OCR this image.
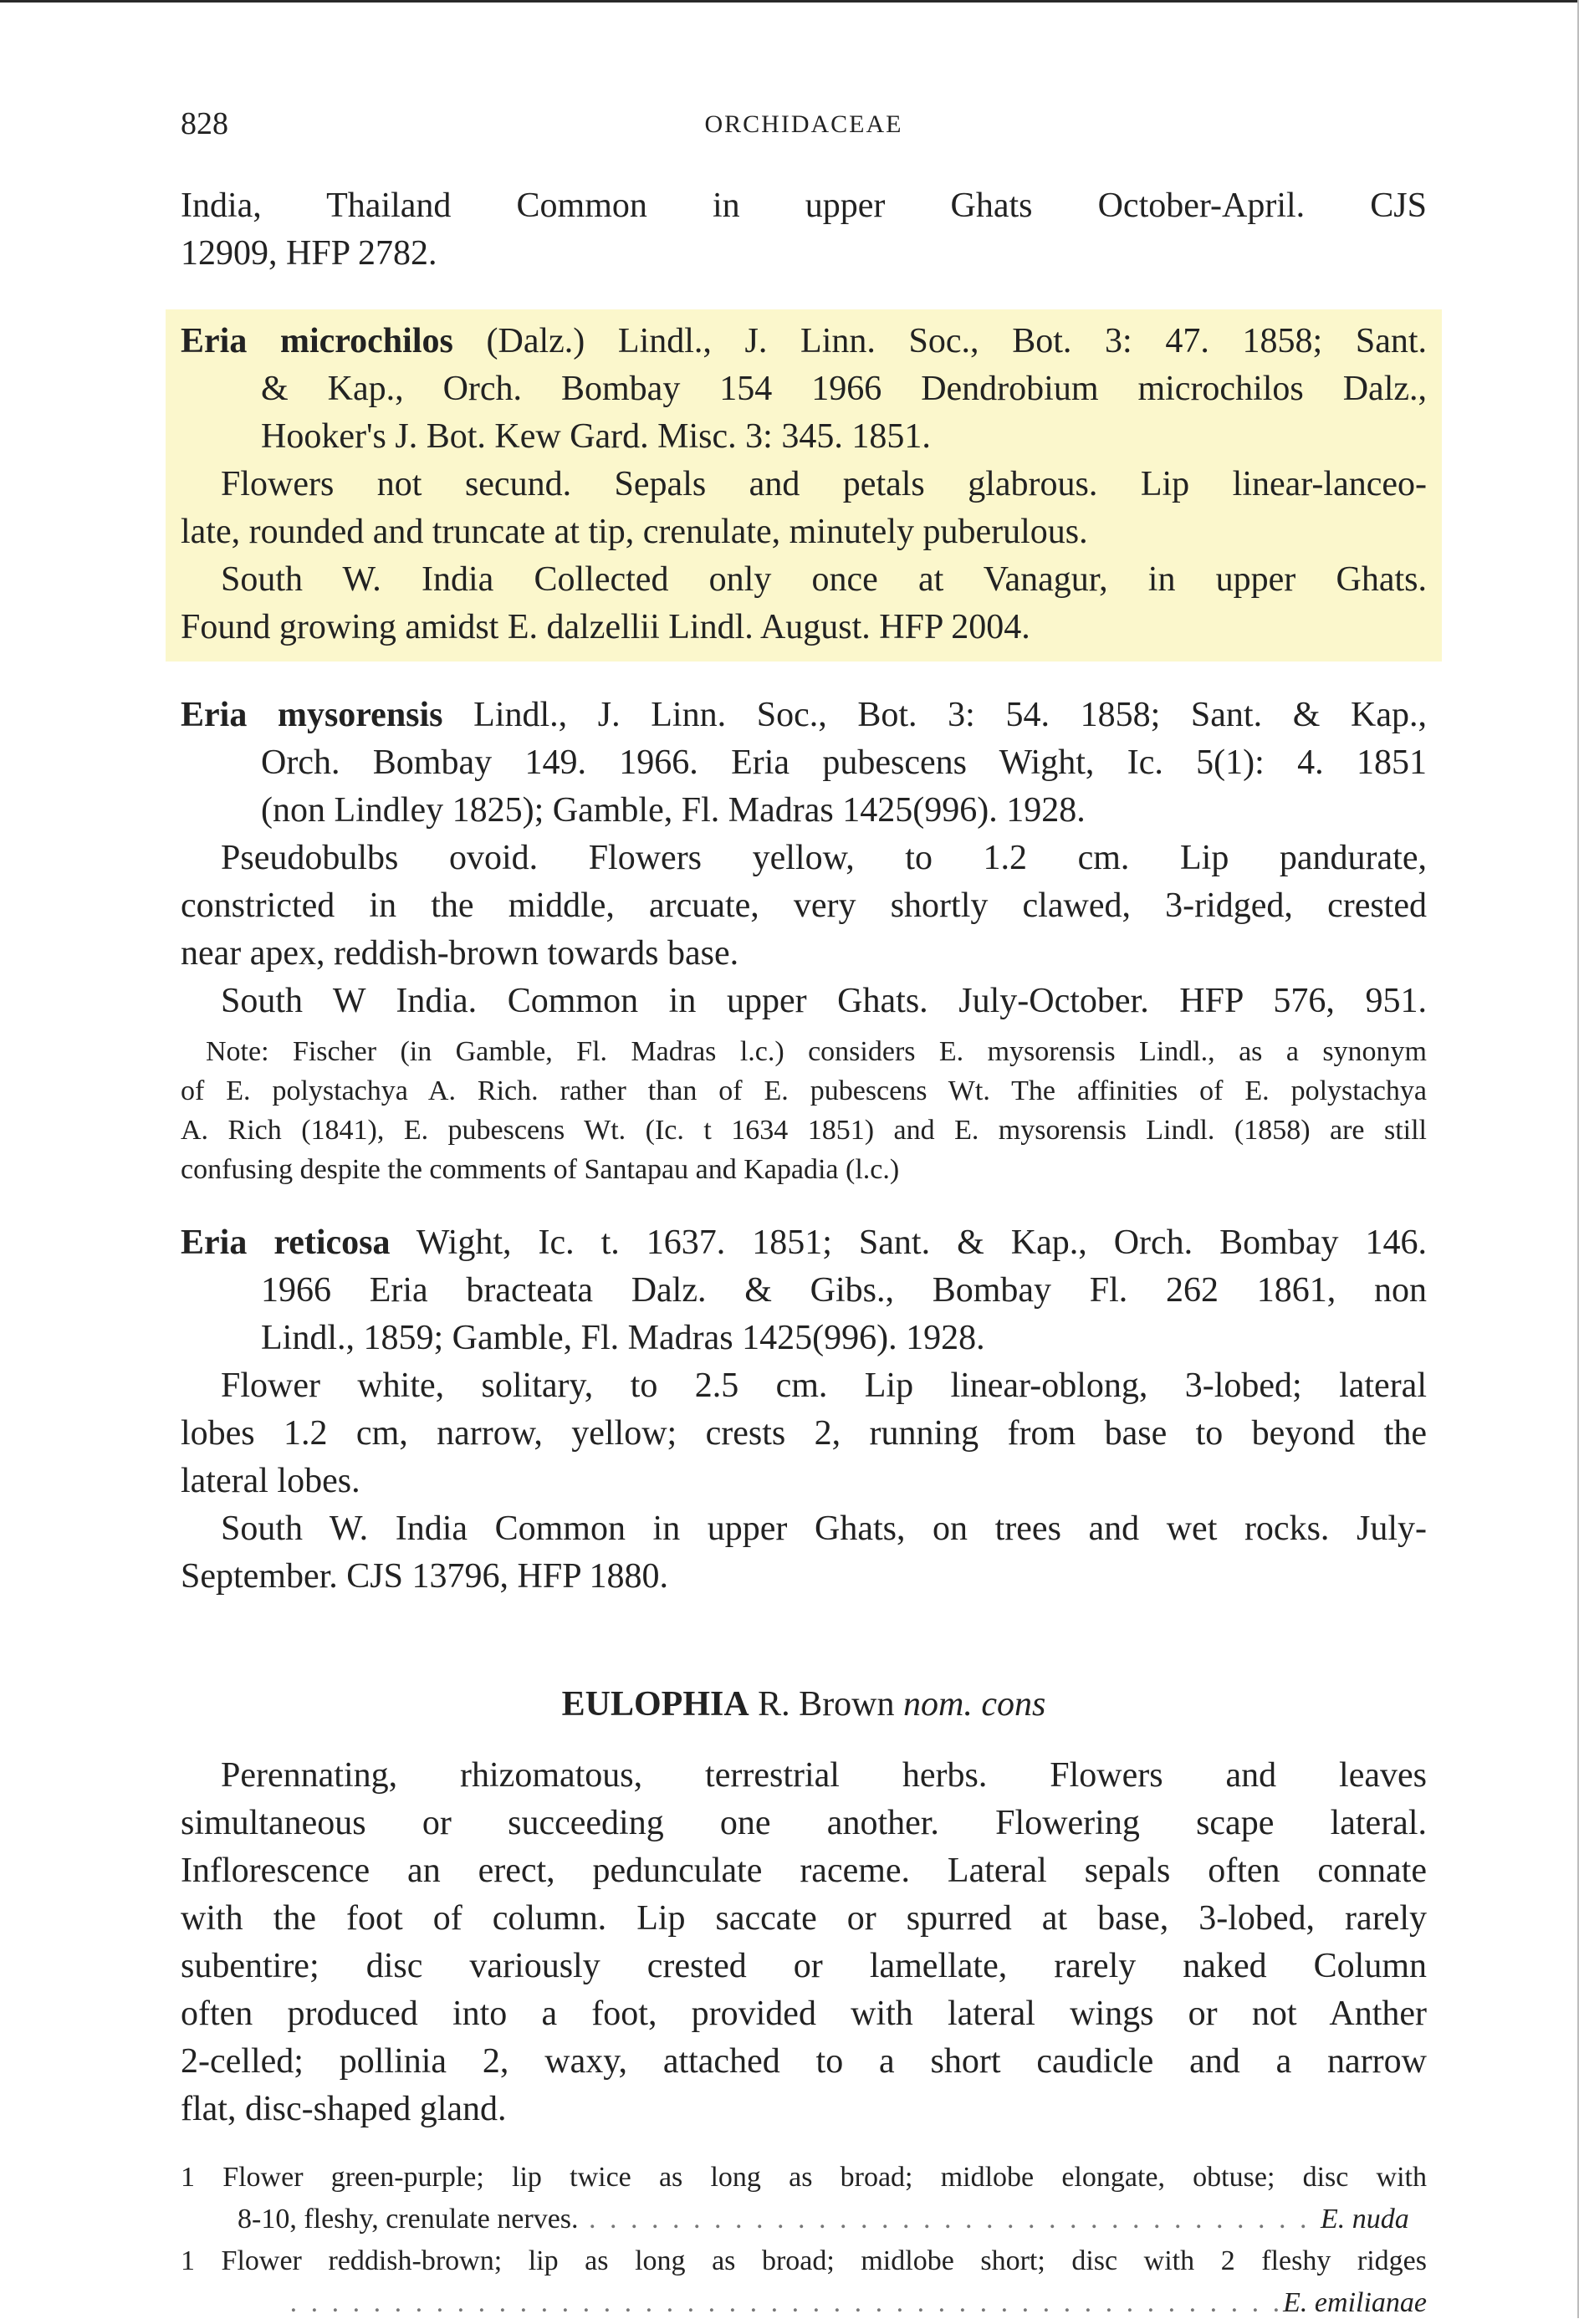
828	ORCHIDACEAE

India, Thailand Common in upper Ghats October-April. CJS

12909, HFP 2782.

Eria microchilos (Dalz.) Lindl., J. Linn. Soc., Bot. 3: 47. 1858; Sant.

& Kap., Orch. Bombay 154 1966 Dendrobium microchilos Dalz.,

Hooker's J. Bot. Kew Gard. Misc. 3: 345. 1851.

Flowers not secund. Sepals and petals glabrous. Lip linear-lanceo-

late, rounded and truncate at tip, crenulate, minutely puberulous.

South W. India Collected only once at Vanagur, in upper Ghats.

Found growing amidst E. dalzellii Lindl. August. HFP 2004.

Eria mysorensis Lindl., J. Linn. Soc., Bot. 3: 54. 1858; Sant. & Kap.,

Orch. Bombay 149. 1966. Eria pubescens Wight, Ic. 5(1): 4. 1851

(non Lindley 1825); Gamble, Fl. Madras 1425(996). 1928.

Pseudobulbs ovoid. Flowers yellow, to 1.2 cm. Lip pandurate,

constricted in the middle, arcuate, very shortly clawed, 3-ridged, crested

near apex, reddish-brown towards base.

South W India. Common in upper Ghats. July-October. HFP 576, 951.

Note: Fischer (in Gamble, Fl. Madras l.c.) considers E. mysorensis Lindl., as a synonym

of E. polystachya A. Rich. rather than of E. pubescens Wt. The affinities of E. polystachya

A. Rich (1841), E. pubescens Wt. (Ic. t 1634 1851) and E. mysorensis Lindl. (1858) are still

confusing despite the comments of Santapau and Kapadia (l.c.)

Eria reticosa Wight, Ic. t. 1637. 1851; Sant. & Kap., Orch. Bombay 146.

1966 Eria bracteata Dalz. & Gibs., Bombay Fl. 262 1861, non

Lindl., 1859; Gamble, Fl. Madras 1425(996). 1928.

Flower white, solitary, to 2.5 cm. Lip linear-oblong, 3-lobed; lateral

lobes 1.2 cm, narrow, yellow; crests 2, running from base to beyond the

lateral lobes.

South W. India Common in upper Ghats, on trees and wet rocks. July-

September. CJS 13796, HFP 1880.

EULOPHIA R. Brown nom. cons

Perennating, rhizomatous, terrestrial herbs. Flowers and leaves

simultaneous or succeeding one another. Flowering scape lateral.

Inflorescence an erect, pedunculate raceme. Lateral sepals often connate

with the foot of column. Lip saccate or spurred at base, 3-lobed, rarely

subentire; disc variously crested or lamellate, rarely naked Column

often produced into a foot, provided with lateral wings or not Anther

2-celled; pollinia 2, waxy, attached to a short caudicle and a narrow

flat, disc-shaped gland.

1 Flower green-purple; lip twice as long as broad; midlobe elongate, obtuse; disc with

8-10, fleshy, crenulate nerves. . . . . . . . . . . . . . . . . . . . . . . . . . . . . . . . . . . . E. nuda

1 Flower reddish-brown; lip as long as broad; midlobe short; disc with 2 fleshy ridges

. . . . . . . . . . . . . . . . . . . . . . . . . . . . . . . . . . . . . . . . . . . . . . . .E. emilianae
